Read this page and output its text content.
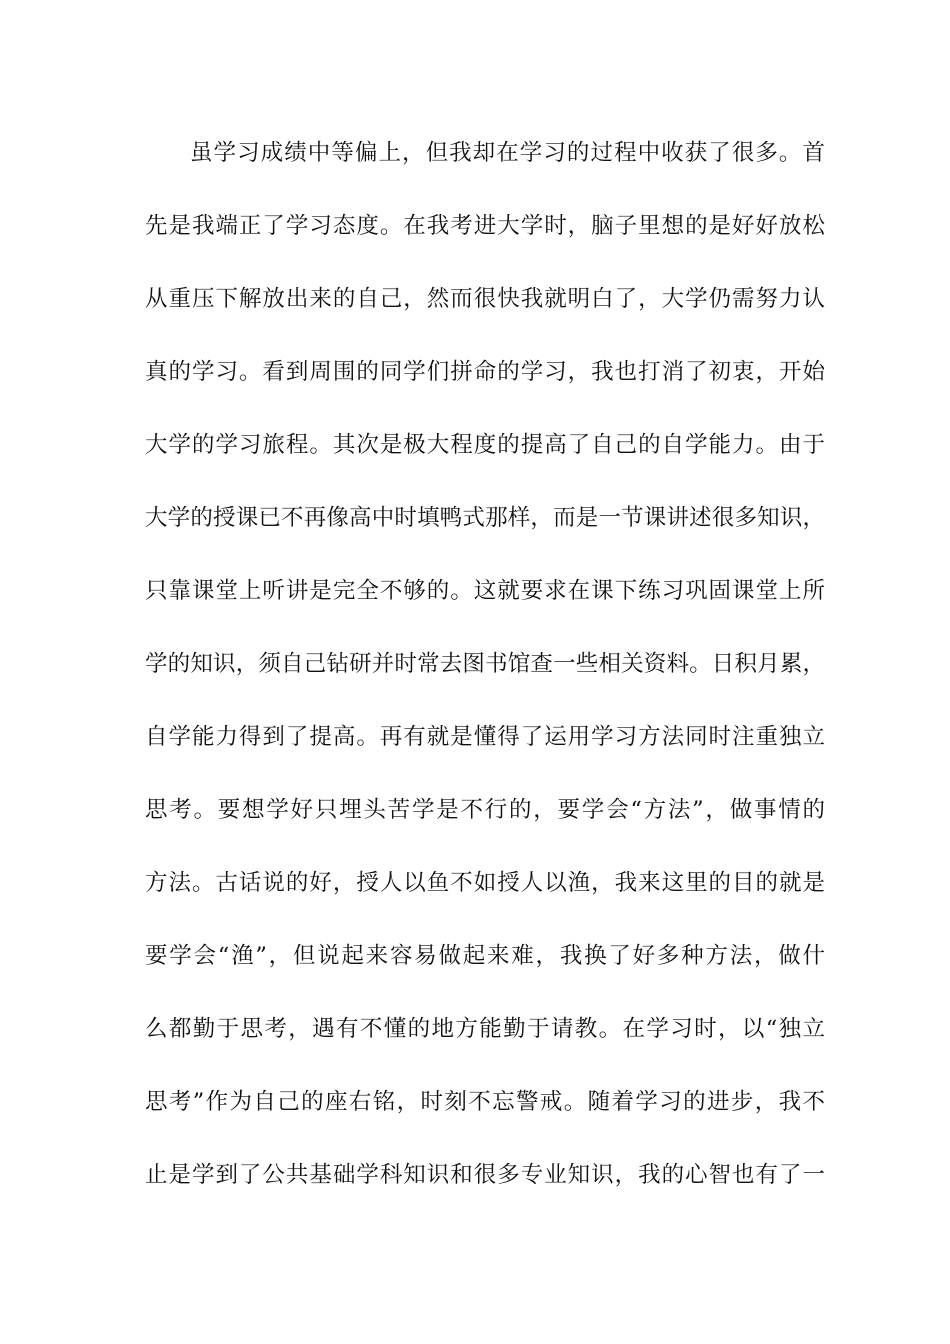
虽学习成绩中等偏上，但我却在学习的过程中收获了很多。首
先是我端正了学习态度。在我考进大学时，脑子里想的是好好放松
从重压下解放出来的自己，然而很快我就明白了，大学仍需努力认
真的学习。看到周围的同学们拼命的学习，我也打消了初衷，开始
大学的学习旅程。其次是极大程度的提高了自己的自学能力。由于
大学的授课已不再像高中时填鸭式那样，而是一节课讲述很多知识，
只靠课堂上听讲是完全不够的。这就要求在课下练习巩固课堂上所
学的知识，须自己钻研并时常去图书馆查一些相关资料。日积月累，
自学能力得到了提高。再有就是懂得了运用学习方法同时注重独立
思考。要想学好只埋头苦学是不行的，要学会“方法”，做事情的
方法。古话说的好，授人以鱼不如授人以渔，我来这里的目的就是
要学会“渔”，但说起来容易做起来难，我换了好多种方法，做什
么都勤于思考，遇有不懂的地方能勤于请教。在学习时，以“独立
思考”作为自己的座右铭，时刻不忘警戒。随着学习的进步，我不
止是学到了公共基础学科知识和很多专业知识，我的心智也有了一
